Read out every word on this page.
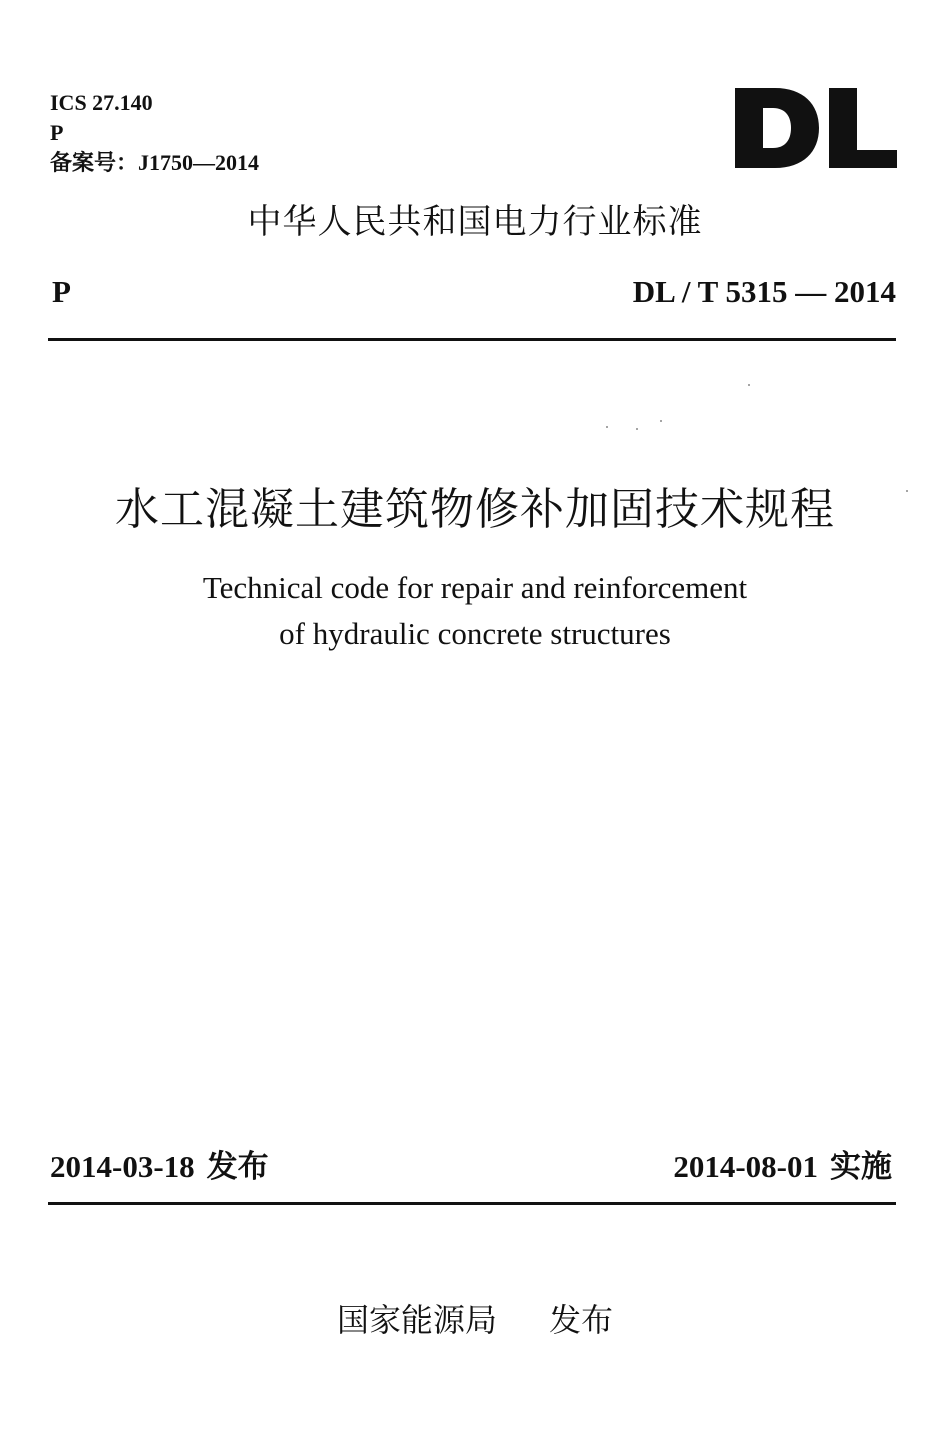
ICS 27.140
P
备案号：J1750—2014
中华人民共和国电力行业标准
P	DL / T 5315 — 2014
水工混凝土建筑物修补加固技术规程
Technical code for repair and reinforcement
of hydraulic concrete structures
2014-03-18 发布	2014-08-01 实施
国家能源局 发布
